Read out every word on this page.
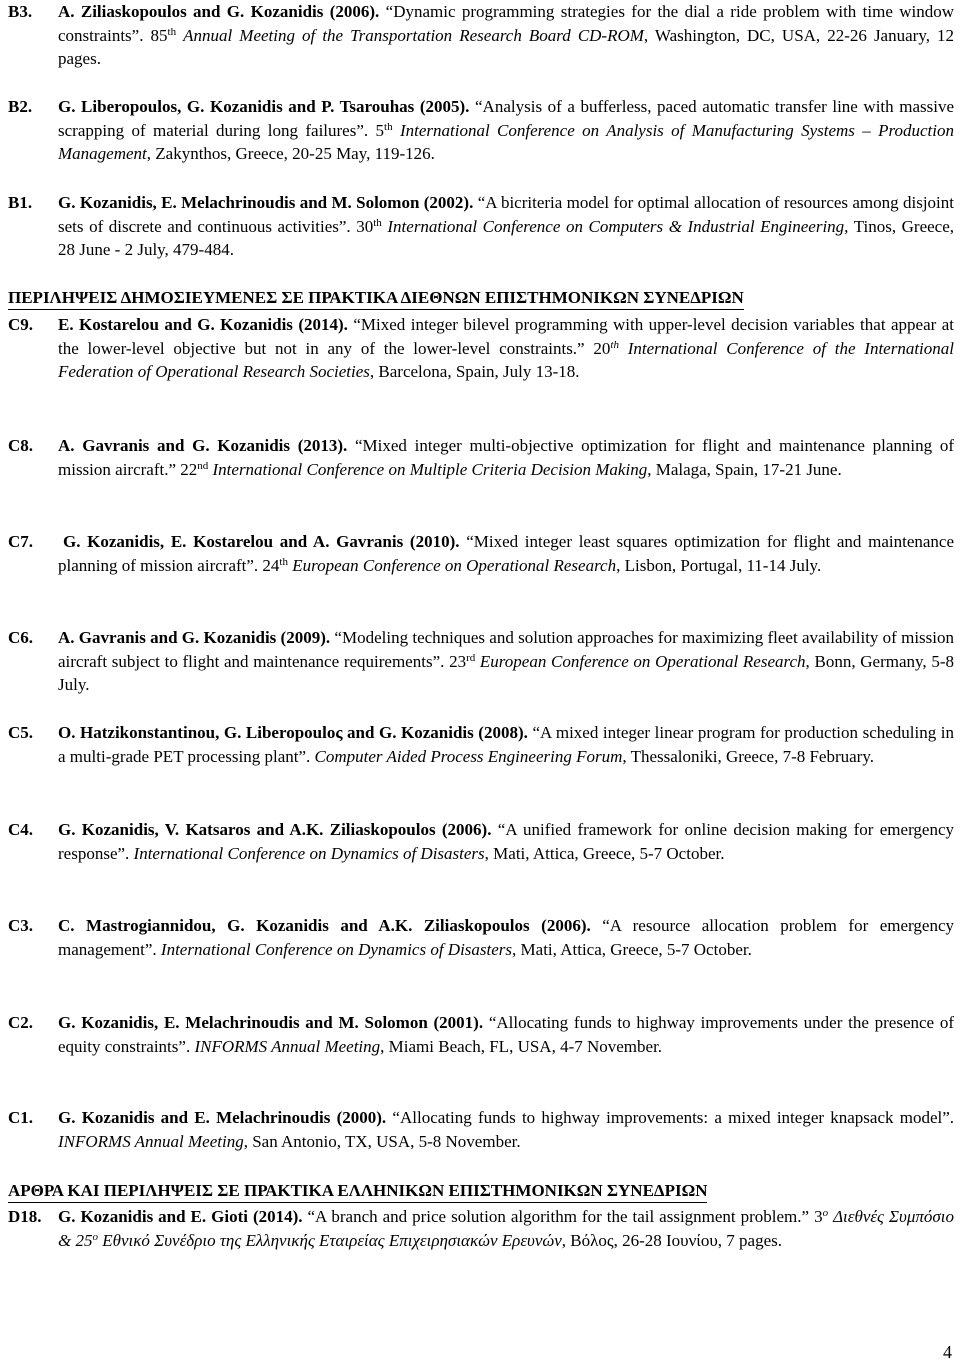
B3. A. Ziliaskopoulos and G. Kozanidis (2006). “Dynamic programming strategies for the dial a ride problem with time window constraints”. 85th Annual Meeting of the Transportation Research Board CD-ROM, Washington, DC, USA, 22-26 January, 12 pages.
B2. G. Liberopoulos, G. Kozanidis and P. Tsarouhas (2005). “Analysis of a bufferless, paced automatic transfer line with massive scrapping of material during long failures”. 5th International Conference on Analysis of Manufacturing Systems – Production Management, Zakynthos, Greece, 20-25 May, 119-126.
B1. G. Kozanidis, E. Melachrinoudis and M. Solomon (2002). “A bicriteria model for optimal allocation of resources among disjoint sets of discrete and continuous activities”. 30th International Conference on Computers & Industrial Engineering, Tinos, Greece, 28 June - 2 July, 479-484.
ΠΕΡΙΛΗΨΕΙΣ ΔΗΜΟΣΙΕΥΜΕΝΕΣ ΣΕ ΠΡΑΚΤΙΚΑ ΔΙΕΘΝΩΝ ΕΠΙΣΤΗΜΟΝΙΚΩΝ ΣΥΝΕΔΡΙΩΝ
C9. E. Kostarelou and G. Kozanidis (2014). “Mixed integer bilevel programming with upper-level decision variables that appear at the lower-level objective but not in any of the lower-level constraints.” 20th International Conference of the International Federation of Operational Research Societies, Barcelona, Spain, July 13-18.
C8. A. Gavranis and G. Kozanidis (2013). “Mixed integer multi-objective optimization for flight and maintenance planning of mission aircraft.” 22nd International Conference on Multiple Criteria Decision Making, Malaga, Spain, 17-21 June.
C7. G. Kozanidis, E. Kostarelou and A. Gavranis (2010). “Mixed integer least squares optimization for flight and maintenance planning of mission aircraft”. 24th European Conference on Operational Research, Lisbon, Portugal, 11-14 July.
C6. A. Gavranis and G. Kozanidis (2009). “Modeling techniques and solution approaches for maximizing fleet availability of mission aircraft subject to flight and maintenance requirements”. 23rd European Conference on Operational Research, Bonn, Germany, 5-8 July.
C5. O. Hatzikonstantinou, G. Liberopouloς and G. Kozanidis (2008). “A mixed integer linear program for production scheduling in a multi-grade PET processing plant”. Computer Aided Process Engineering Forum, Thessaloniki, Greece, 7-8 February.
C4. G. Kozanidis, V. Katsaros and A.K. Ziliaskopoulos (2006). “A unified framework for online decision making for emergency response”. International Conference on Dynamics of Disasters, Mati, Attica, Greece, 5-7 October.
C3. C. Mastrogiannidou, G. Kozanidis and A.K. Ziliaskopoulos (2006). “A resource allocation problem for emergency management”. International Conference on Dynamics of Disasters, Mati, Attica, Greece, 5-7 October.
C2. G. Kozanidis, E. Melachrinoudis and M. Solomon (2001). “Allocating funds to highway improvements under the presence of equity constraints”. INFORMS Annual Meeting, Miami Beach, FL, USA, 4-7 November.
C1. G. Kozanidis and E. Melachrinoudis (2000). “Allocating funds to highway improvements: a mixed integer knapsack model”. INFORMS Annual Meeting, San Antonio, TX, USA, 5-8 November.
ΑΡΘΡΑ ΚΑΙ ΠΕΡΙΛΗΨΕΙΣ ΣΕ ΠΡΑΚΤΙΚΑ ΕΛΛΗΝΙΚΩΝ ΕΠΙΣΤΗΜΟΝΙΚΩΝ ΣΥΝΕΔΡΙΩΝ
D18. G. Kozanidis and E. Gioti (2014). “A branch and price solution algorithm for the tail assignment problem.” 3$^o$ Διεθνές Συμπόσιο & 25$^o$ Εθνικό Συνέδριο της Ελληνικής Εταιρείας Επιχειρησιακών Ερευνών, Βόλος, 26-28 Ιουνίου, 7 pages.
4
